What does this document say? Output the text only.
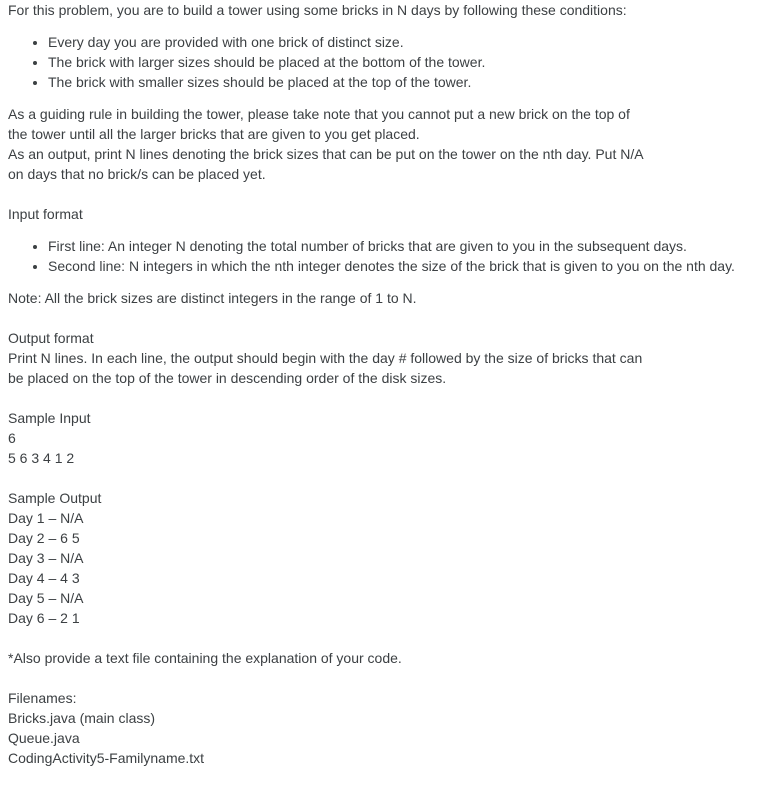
For this problem, you are to build a tower using some bricks in N days by following these conditions:

• Every day you are provided with one brick of distinct size.
• The brick with larger sizes should be placed at the bottom of the tower.
• The brick with smaller sizes should be placed at the top of the tower.

As a guiding rule in building the tower, please take note that you cannot put a new brick on the top of

the tower until all the larger bricks that are given to you get placed.

As an output, print N lines denoting the brick sizes that can be put on the tower on the nth day. Put N/A

on days that no brick/s can be placed yet.

Input format

• First line: An integer N denoting the total number of bricks that are given to you in the subsequent days.
• Second line: N integers in which the nth integer denotes the size of the brick that is given to you on the nth day.

Note: All the brick sizes are distinct integers in the range of 1 to N.

Output format

Print N lines. In each line, the output should begin with the day # followed by the size of bricks that can

be placed on the top of the tower in descending order of the disk sizes.

Sample Input

6

5 6 3 4 1 2

Sample Output

Day 1 – N/A

Day 2 – 6 5

Day 3 – N/A

Day 4 – 4 3

Day 5 – N/A

Day 6 – 2 1

*Also provide a text file containing the explanation of your code.

Filenames:

Bricks.java (main class)

Queue.java

CodingActivity5-Familyname.txt
